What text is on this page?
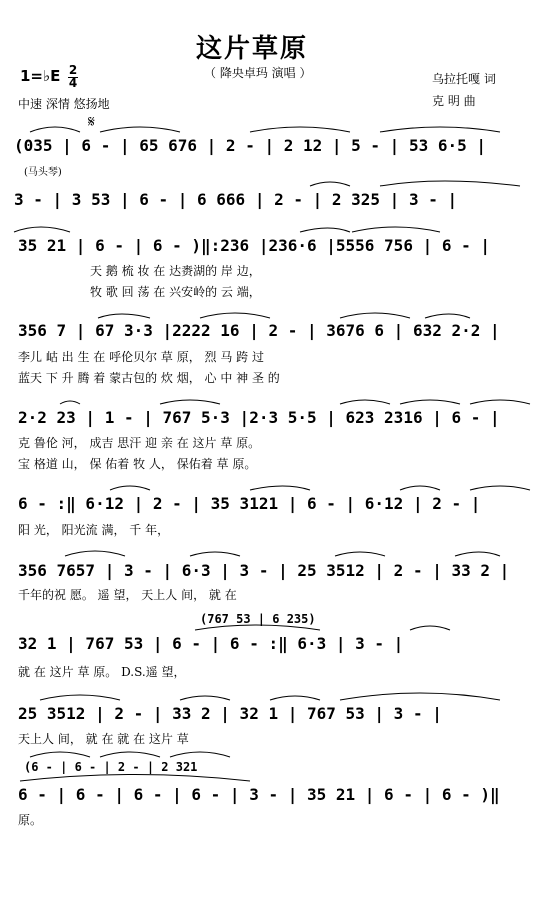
这片草原
（ 降央卓玛 演唱 ）
1=♭E 2
4
中速 深情 悠扬地
乌拉托嘎 词
克 明 曲
𝄋
(035 | 6 - | 65 676 | 2 - | 2 12 | 5 - | 53 6·5 |
(马头琴)
3 - | 3 53 | 6 - | 6 666 | 2 - | 2 325 | 3 - |
35 21 | 6 - | 6 - )‖:236 |236·6 |5556 756 | 6 - |
天 鹅 梳 妆 在 达赉湖的 岸 边，
牧 歌 回 荡 在 兴安岭的 云 端，
356 7 | 67 3·3 |2222 16 | 2 - | 3676 6 | 632 2·2 |
李儿 岵 出 生 在 呼伦贝尔 草 原， 烈 马 跨 过
蓝天 下 升 腾 着 蒙古包的 炊 烟， 心 中 神 圣 的
2·2 23 | 1 - | 767 5·3 |2·3 5·5 | 623 2316 | 6 - |
克 鲁伦 河， 成吉 思汗 迎 亲 在 这片 草 原。
宝 格道 山， 保 佑着 牧 人， 保佑着 草 原。
6 - :‖ 6·12 | 2 - | 35 3121 | 6 - | 6·12 | 2 - |
阳 光， 阳光流 满， 千 年，
356 7657 | 3 - | 6·3 | 3 - | 25 3512 | 2 - | 33 2 |
千年的祝 愿。 遥 望， 天上人 间， 就 在
(767 53 | 6 235)
32 1 | 767 53 | 6 - | 6 - :‖ 6·3 | 3 - |
就 在 这片 草 原。 D.S.遥 望，
25 3512 | 2 - | 33 2 | 32 1 | 767 53 | 3 - |
天上人 间， 就 在 就 在 这片 草
(6 - | 6 - | 2 - | 2 321
6 - | 6 - | 6 - | 6 - | 3 - | 35 21 | 6 - | 6 - )‖
原。
